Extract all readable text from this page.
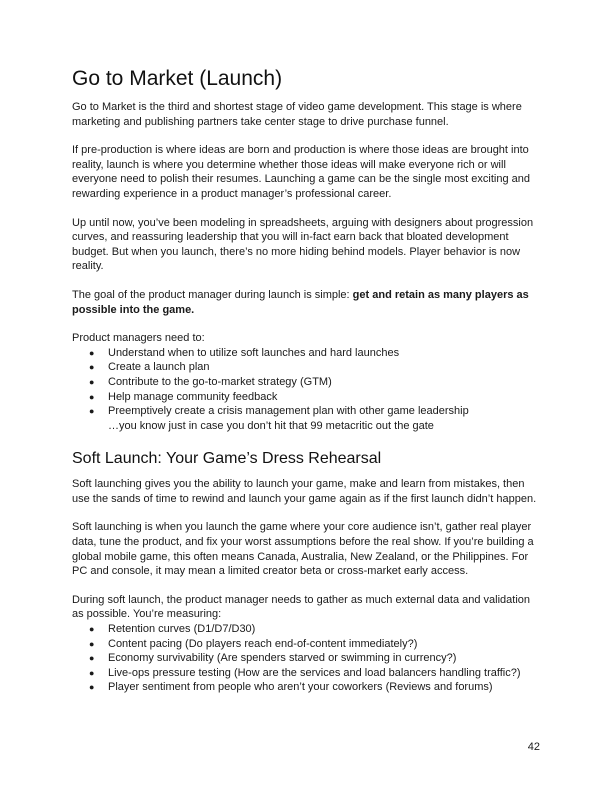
Go to Market (Launch)

Go to Market is the third and shortest stage of video game development. This stage is where marketing and publishing partners take center stage to drive purchase funnel.

If pre-production is where ideas are born and production is where those ideas are brought into reality, launch is where you determine whether those ideas will make everyone rich or will everyone need to polish their resumes. Launching a game can be the single most exciting and rewarding experience in a product manager’s professional career.

Up until now, you’ve been modeling in spreadsheets, arguing with designers about progression curves, and reassuring leadership that you will in-fact earn back that bloated development budget. But when you launch, there’s no more hiding behind models. Player behavior is now reality.

The goal of the product manager during launch is simple: get and retain as many players as possible into the game.

Product managers need to:

● Understand when to utilize soft launches and hard launches
● Create a launch plan
● Contribute to the go-to-market strategy (GTM)
● Help manage community feedback
● Preemptively create a crisis management plan with other game leadership
…you know just in case you don’t hit that 99 metacritic out the gate
Soft Launch: Your Game’s Dress Rehearsal

Soft launching gives you the ability to launch your game, make and learn from mistakes, then use the sands of time to rewind and launch your game again as if the first launch didn’t happen.

Soft launching is when you launch the game where your core audience isn’t, gather real player data, tune the product, and fix your worst assumptions before the real show. If you’re building a global mobile game, this often means Canada, Australia, New Zealand, or the Philippines. For PC and console, it may mean a limited creator beta or cross-market early access.

During soft launch, the product manager needs to gather as much external data and validation as possible. You’re measuring:

● Retention curves (D1/D7/D30)
● Content pacing (Do players reach end-of-content immediately?)
● Economy survivability (Are spenders starved or swimming in currency?)
● Live-ops pressure testing (How are the services and load balancers handling traffic?)
● Player sentiment from people who aren’t your coworkers (Reviews and forums)
42
